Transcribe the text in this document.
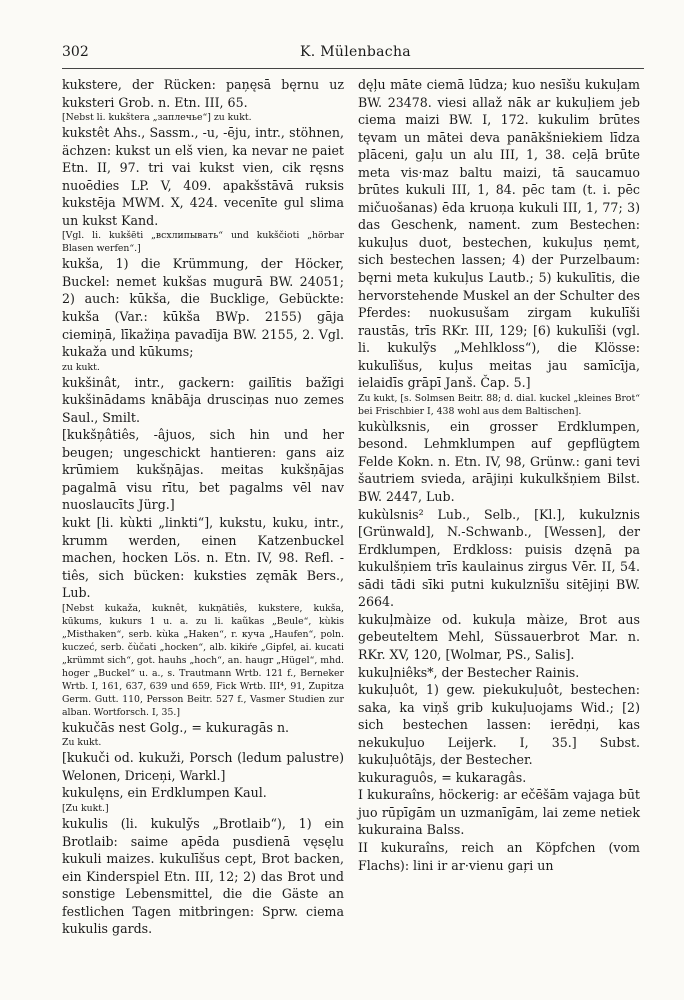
302	K. Mülenbacha
kukstere, der Rücken: paņęsā bęrnu uz kuksteri Grob. n. Etn. III, 65.
[Nebst li. kukštera „заплечье“] zu kukt.
kukstêt Ahs., Sassm., -u, -ēju, intr., stöhnen, ächzen: kukst un elš vien, ka nevar ne paiet Etn. II, 97. tri vai kukst vien, cik ręsns nuoēdies LP. V, 409. apakšstāvā ruksis kukstēja MWM. X, 424. vecenīte gul slima un kukst Kand.
[Vgl. li. kukšēti „всхлипывать“ und kukščioti „hörbar Blasen werfen“.]
kukša, 1) die Krümmung, der Höcker, Buckel: nemet kukšas mugurā BW. 24051; 2) auch: kūkša, die Bucklige, Gebückte: kukša (Var.: kūkša BWp. 2155) gāja ciemiņā, līkažiņa pavadīja BW. 2155, 2. Vgl. kukaža und kūkums;
zu kukt.
kukšinât, intr., gackern: gailītis bažīgi kukšinādams knābāja drusciņas nuo zemes Saul., Smilt.
[kukšņâtiês, -âjuos, sich hin und her beugen; ungeschickt hantieren: gans aiz krūmiem kukšņājas. meitas kukšņājas pagalmā visu rītu, bet pagalms vēl nav nuoslaucīts Jürg.]
kukt [li. kùkti „linkti“], kukstu, kuku, intr., krumm werden, einen Katzenbuckel machen, hocken Lös. n. Etn. IV, 98. Refl. -tiês, sich bücken: kuksties zęmāk Bers., Lub.
[Nebst kukaža, kuknêt, kukņātiês, kukstere, kukša, kūkums, kukurs 1 u. a. zu li. kaũkas „Beule“, kùkis „Misthaken“, serb. kùka „Haken“, r. кучa „Haufen“, poln. kuczeć, serb. čùčati „hocken“, alb. kikiŕe „Gipfel, ai. kucati „krümmt sich“, got. hauhs „hoch“, an. haugr „Hügel“, mhd. hoger „Buckel“ u. a., s. Trautmann Wrtb. 121 f., Berneker Wrtb. I, 161, 637, 639 und 659, Fick Wrtb. III⁴, 91, Zupitza Germ. Gutt. 110, Persson Beitr. 527 f., Vasmer Studien zur alban. Wortforsch. I, 35.]
kukučās nest Golg., = kukuragās n.
Zu kukt.
[kukuči od. kukuži, Porsch (ledum palustre) Welonen, Driceņi, Warkl.]
kukulęns, ein Erdklumpen Kaul.
[Zu kukt.]
kukulis (li. kukulỹs „Brotlaib“), 1) ein Brotlaib: saime apēda pusdienā vęsęlu kukuli maizes. kukulīšus cept, Brot backen, ein Kinderspiel Etn. III, 12; 2) das Brot und sonstige Lebensmittel, die die Gäste an festlichen Tagen mitbringen: Sprw. ciema kukulis gards.
dęļu māte ciemā lūdza; kuo nesīšu kukuļam BW. 23478. viesi allaž nāk ar kukuļiem jeb ciema maizi BW. I, 172. kukulim brūtes tęvam un mātei deva panākšniekiem līdza plāceni, gaļu un alu III, 1, 38. ceļā brūte meta vis·maz baltu maizi, tā saucamuo brūtes kukuli III, 1, 84. pēc tam (t. i. pēc mičuošanas) ēda kruoņa kukuli III, 1, 77; 3) das Geschenk, nament. zum Bestechen: kukuļus duot, bestechen, kukuļus ņemt, sich bestechen lassen; 4) der Purzelbaum: bęrni meta kukuļus Lautb.; 5) kukulītis, die hervorstehende Muskel an der Schulter des Pferdes: nuokusušam zirgam kukulīši raustās, trīs RKr. III, 129; [6) kukulīši (vgl. li. kukulỹs „Mehlkloss“), die Klösse: kukulīšus, kuļus meitas jau samīcīja, ielaidīs grāpī Janš. Čap. 5.]
Zu kukt, [s. Solmsen Beitr. 88; d. dial. kuckel „kleines Brot“ bei Frischbier I, 438 wohl aus dem Baltischen].
kukùlksnis, ein grosser Erdklumpen, besond. Lehmklumpen auf gepflügtem Felde Kokn. n. Etn. IV, 98, Grünw.: gani tevi šautriem svieda, arājiņi kukulkšņiem Bilst. BW. 2447, Lub.
kukùlsnis² Lub., Selb., [Kl.], kukulznis [Grünwald], N.-Schwanb., [Wessen], der Erdklumpen, Erdkloss: puisis dzęnā pa kukulšņiem trīs kaulainus zirgus Vēr. II, 54. sādi tādi sīki putni kukulznīšu sitējiņi BW. 2664.
kukuļmàize od. kukuļa màize, Brot aus gebeuteltem Mehl, Süssauerbrot Mar. n. RKr. XV, 120, [Wolmar, PS., Salis].
kukuļniêks*, der Bestecher Rainis.
kukuļuôt, 1) gew. piekukuļuôt, bestechen: saka, ka viņš grib kukuļuojams Wid.; [2) sich bestechen lassen: ierēdņi, kas nekukuļuo Leijerk. I, 35.] Subst. kukuļuôtājs, der Bestecher.
kukuraguôs, = kukaragâs.
I kukuraîns, höckerig: ar ečēšām vajaga būt juo rūpīgām un uzmanīgām, lai zeme netiek kukuraina Balss.
II kukuraîns, reich an Köpfchen (vom Flachs): lini ir ar·vienu gaŗi un
